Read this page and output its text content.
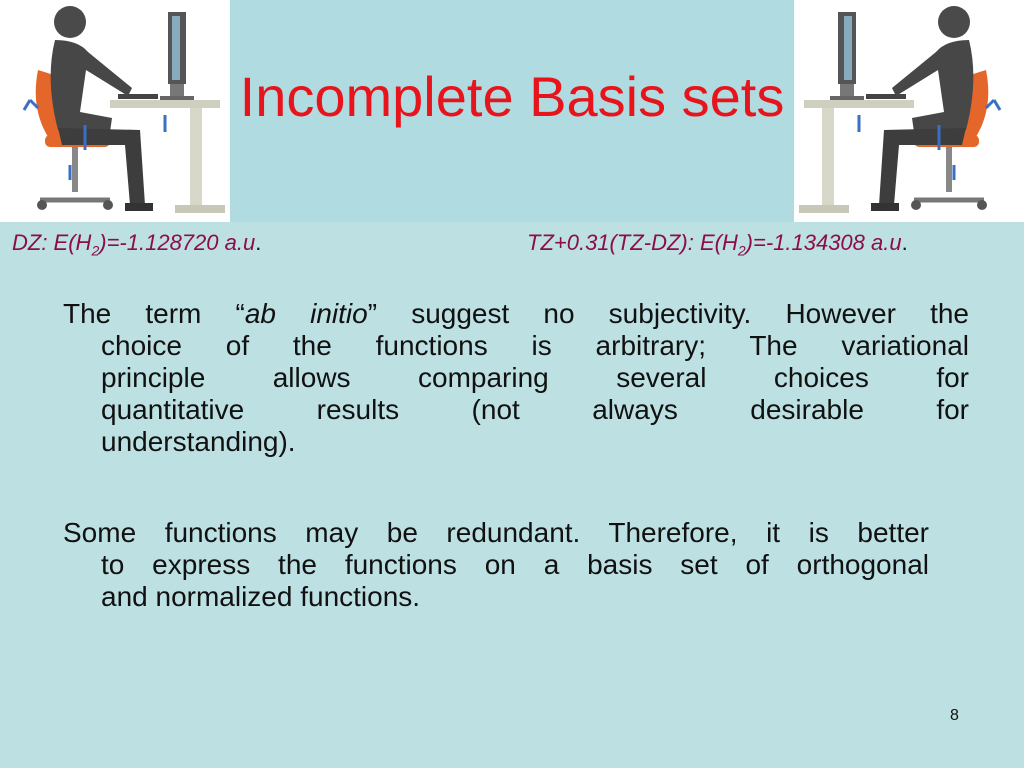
Incomplete Basis sets
DZ: $E(H_2)=-1.128720$ a.u.	TZ+0.31(TZ-DZ): $E(H_2)=-1.134308$ a.u.
The term “ab initio” suggest no subjectivity. However the
choice of the functions is arbitrary; The variational
principle allows comparing several choices for
quantitative results (not always desirable for
understanding).
Some functions may be redundant. Therefore, it is better
to express the functions on a basis set of orthogonal
and normalized functions.
8
